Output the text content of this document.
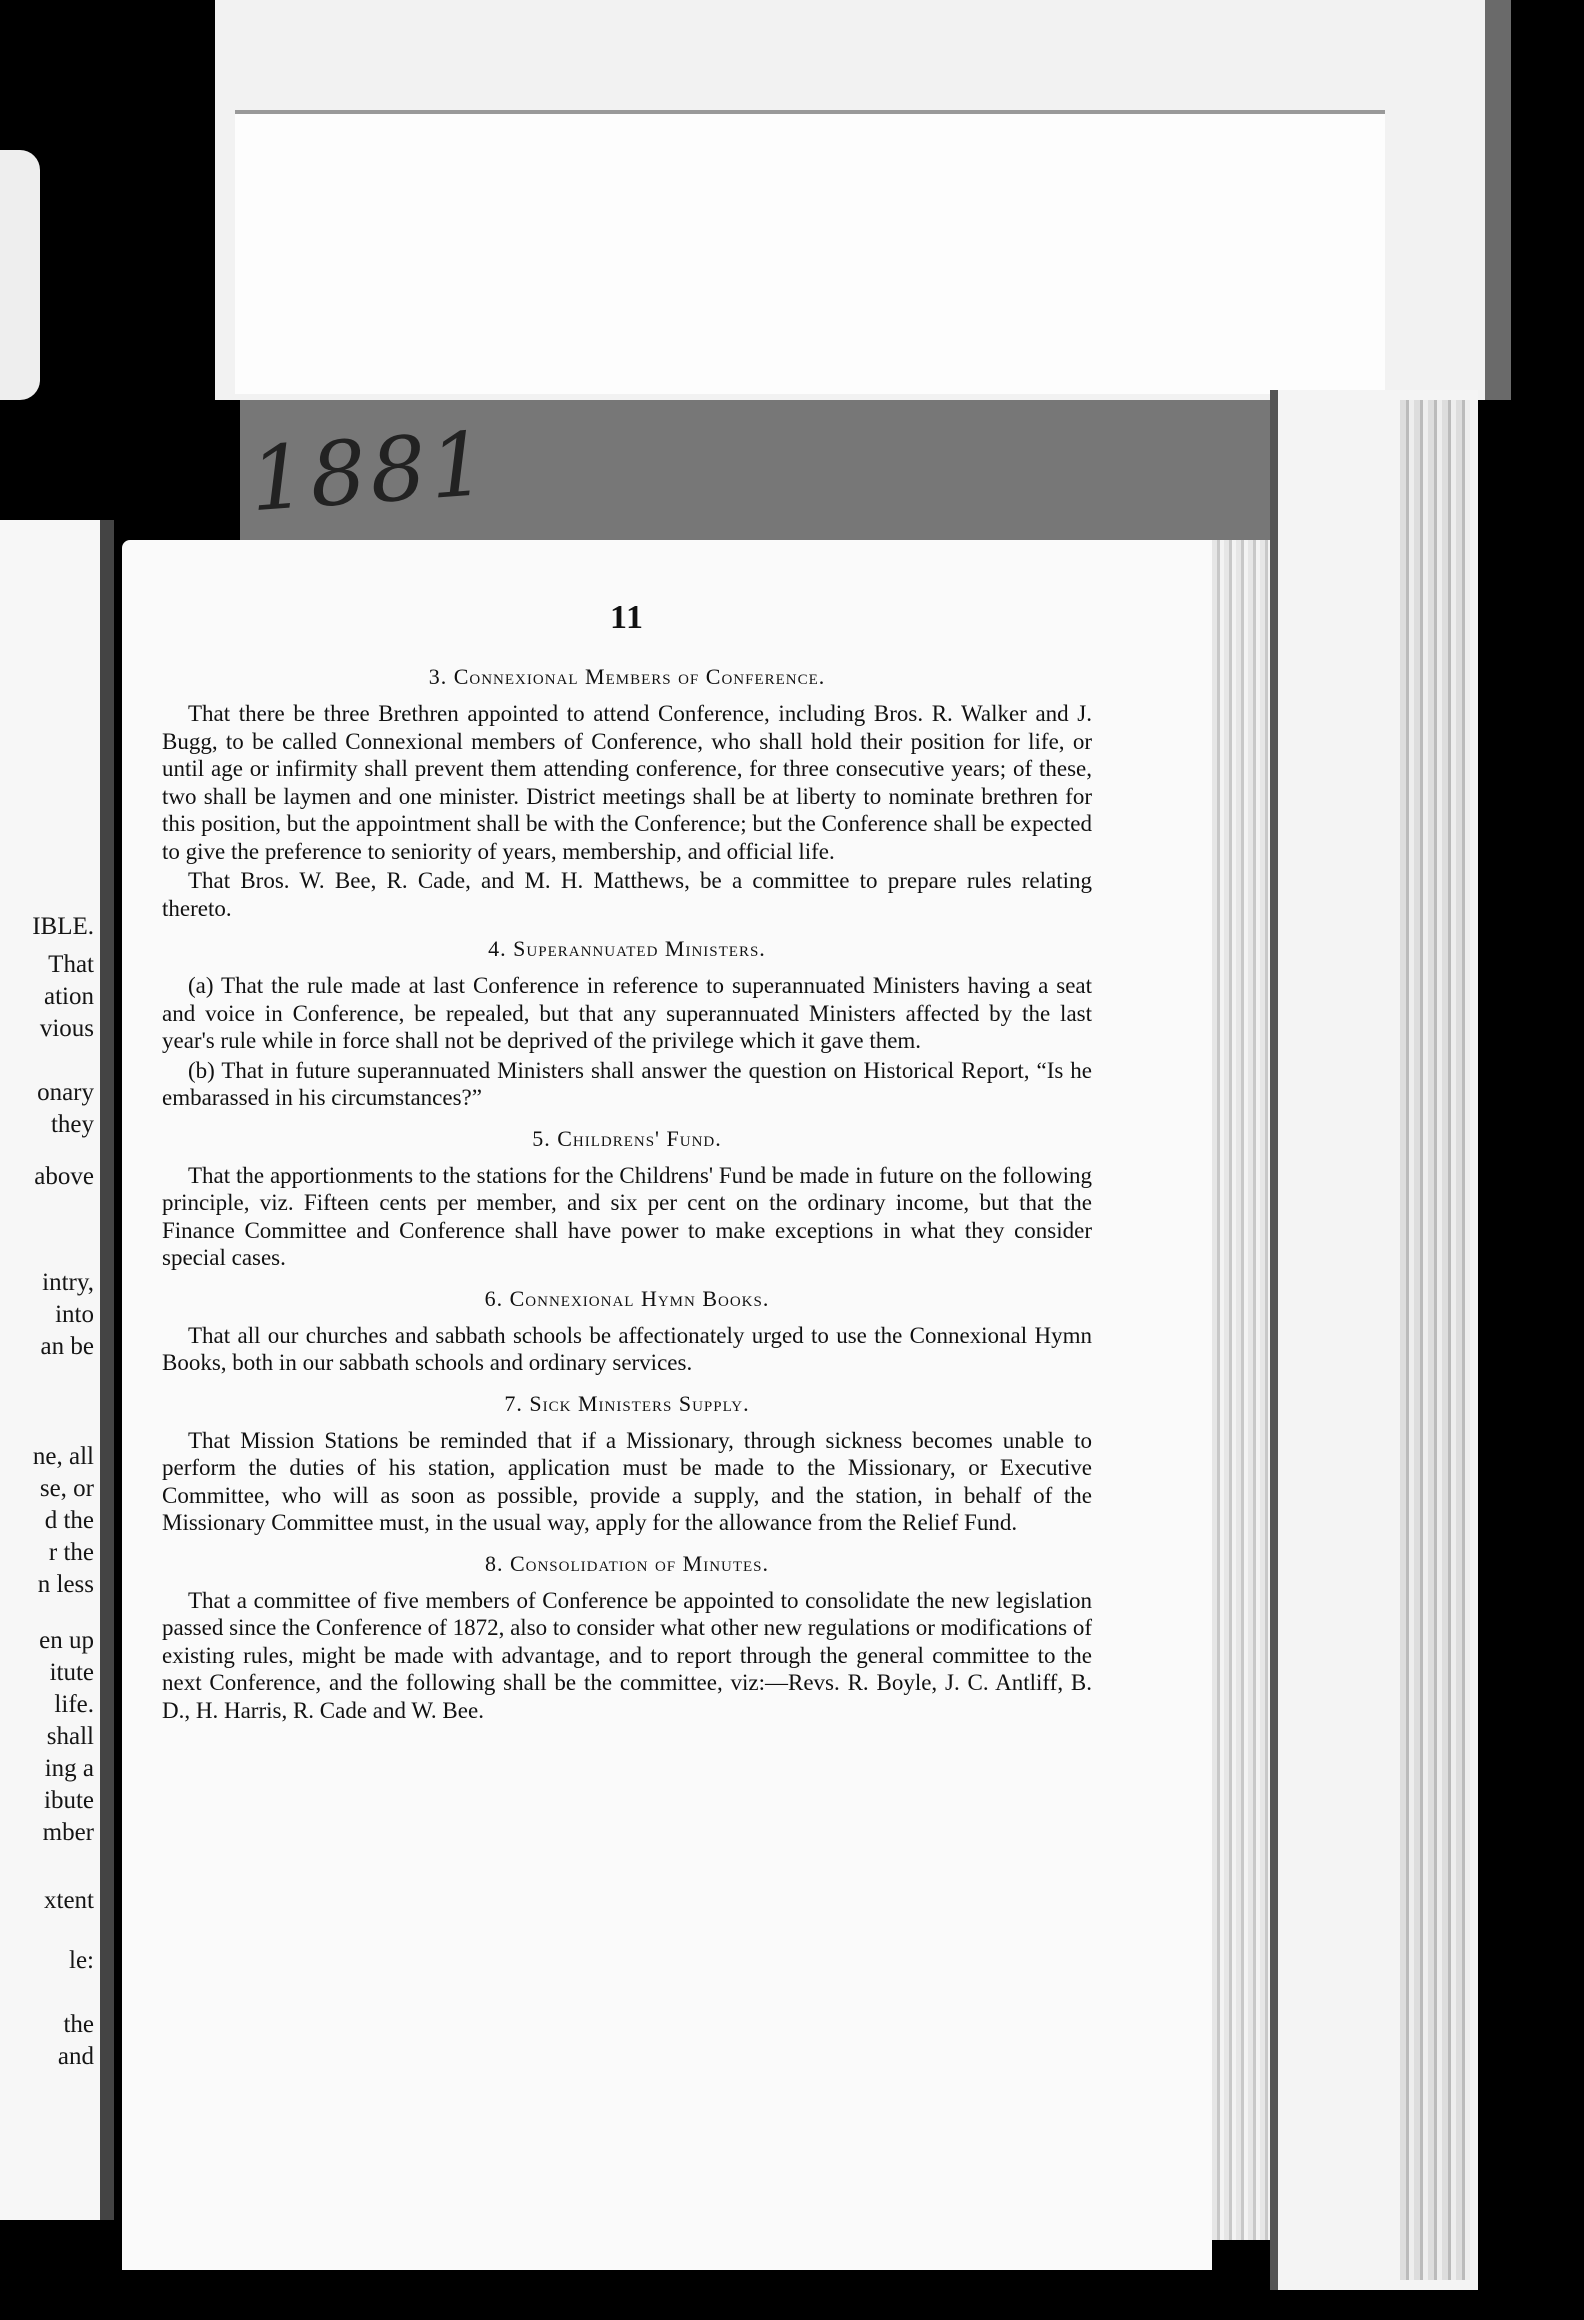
1881
IBLE.
That
ation
vious
onary
they
above
intry,
into
an be
ne, all
se, or
d the
r the
n less
en up
itute
life.
shall
ing a
ibute
mber
xtent
le:
the
and
11
3. Connexional Members of Conference.

That there be three Brethren appointed to attend Conference, including Bros. R. Walker and J. Bugg, to be called Connexional members of Conference, who shall hold their position for life, or until age or infirmity shall prevent them attending conference, for three consecutive years; of these, two shall be laymen and one minister. District meetings shall be at liberty to nominate brethren for this position, but the appointment shall be with the Conference; but the Conference shall be expected to give the preference to seniority of years, membership, and official life.

That Bros. W. Bee, R. Cade, and M. H. Matthews, be a committee to prepare rules relating thereto.

4. Superannuated Ministers.

(a) That the rule made at last Conference in reference to superannuated Ministers having a seat and voice in Conference, be repealed, but that any superannuated Ministers affected by the last year's rule while in force shall not be deprived of the privilege which it gave them.

(b) That in future superannuated Ministers shall answer the question on Historical Report, “Is he embarassed in his circumstances?”

5. Childrens' Fund.

That the apportionments to the stations for the Childrens' Fund be made in future on the following principle, viz. Fifteen cents per member, and six per cent on the ordinary income, but that the Finance Committee and Conference shall have power to make exceptions in what they consider special cases.

6. Connexional Hymn Books.

That all our churches and sabbath schools be affectionately urged to use the Connexional Hymn Books, both in our sabbath schools and ordinary services.

7. Sick Ministers Supply.

That Mission Stations be reminded that if a Missionary, through sickness becomes unable to perform the duties of his station, application must be made to the Missionary, or Executive Committee, who will as soon as possible, provide a supply, and the station, in behalf of the Missionary Committee must, in the usual way, apply for the allowance from the Relief Fund.

8. Consolidation of Minutes.

That a committee of five members of Conference be appointed to consolidate the new legislation passed since the Conference of 1872, also to consider what other new regulations or modifications of existing rules, might be made with advantage, and to report through the general committee to the next Conference, and the following shall be the committee, viz:—Revs. R. Boyle, J. C. Antliff, B. D., H. Harris, R. Cade and W. Bee.
